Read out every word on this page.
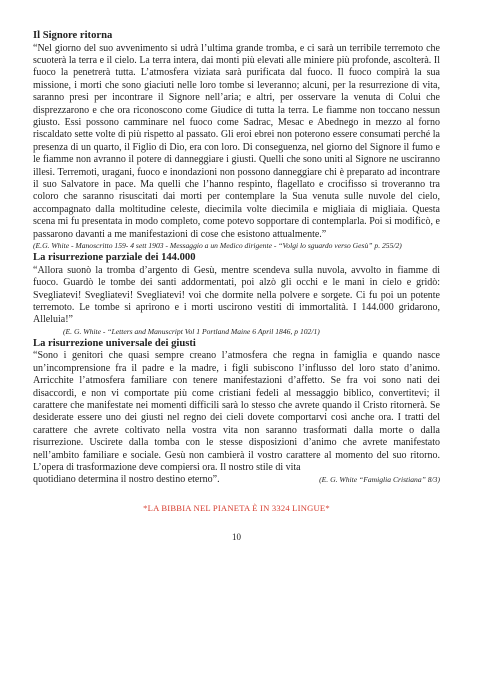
Il Signore ritorna

“Nel giorno del suo avvenimento si udrà l’ultima grande tromba, e ci sarà un terribile terremoto che scuoterà la terra e il cielo. La terra intera, dai monti più elevati alle miniere più profonde, ascolterà. Il fuoco la penetrerà tutta. L’atmosfera viziata sarà purificata dal fuoco. Il fuoco compirà la sua missione, i morti che sono giaciuti nelle loro tombe si leveranno; alcuni, per la resurrezione di vita, saranno presi per incontrare il Signore nell’aria; e altri, per osservare la venuta di Colui che disprezzarono e che ora riconoscono come Giudice di tutta la terra. Le fiamme non toccano nessun giusto. Essi possono camminare nel fuoco come Sadrac, Mesac e Abednego in mezzo al forno riscaldato sette volte di più rispetto al passato. Gli eroi ebrei non poterono essere consumati perché la presenza di un quarto, il Figlio di Dio, era con loro. Di conseguenza, nel giorno del Signore il fumo e le fiamme non avranno il potere di danneggiare i giusti. Quelli che sono uniti al Signore ne usciranno illesi. Terremoti, uragani, fuoco e inondazioni non possono danneggiare chi è preparato ad incontrare il suo Salvatore in pace. Ma quelli che l’hanno respinto, flagellato e crocifisso si troveranno tra coloro che saranno risuscitati dai morti per contemplare la Sua venuta sulle nuvole del cielo, accompagnato dalla moltitudine celeste, diecimila volte diecimila e migliaia di migliaia. Questa scena mi fu presentata in modo completo, come potevo sopportare di contemplarla. Poi si modificò, e passarono davanti a me manifestazioni di cose che esistono attualmente.”

(E.G. White - Manoscritto 159- 4 sett 1903 - Messaggio a un Medico dirigente - “Volgi lo sguardo verso Gesù” p. 255/2)

La risurrezione parziale dei 144.000

“Allora suonò la tromba d’argento di Gesù, mentre scendeva sulla nuvola, avvolto in fiamme di fuoco. Guardò le tombe dei santi addormentati, poi alzò gli occhi e le mani in cielo e gridò: Svegliatevi! Svegliatevi! Svegliatevi! voi che dormite nella polvere e sorgete. Ci fu poi un potente terremoto. Le tombe si aprirono e i morti uscirono vestiti di immortalità. I 144.000 gridarono, Alleluia!”

(E. G. White - “Letters and Manuscript Vol 1 Portland Maine 6 April 1846, p 102/1)

La risurrezione universale dei giusti

“Sono i genitori che quasi sempre creano l’atmosfera che regna in famiglia e quando nasce un’incomprensione fra il padre e la madre, i figli subiscono l’influsso del loro stato d’animo. Arricchite l’atmosfera familiare con tenere manifestazioni d’affetto. Se fra voi sono nati dei disaccordi, e non vi comportate più come cristiani fedeli al messaggio biblico, convertitevi; il carattere che manifestate nei momenti difficili sarà lo stesso che avrete quando il Cristo ritornerà. Se desiderate essere uno dei giusti nel regno dei cieli dovete comportarvi così anche ora. I tratti del carattere che avrete coltivato nella vostra vita non saranno trasformati dalla morte o dalla risurrezione. Uscirete dalla tomba con le stesse disposizioni d’animo che avrete manifestato nell’ambito familiare e sociale. Gesù non cambierà il vostro carattere al momento del suo ritorno. L’opera di trasformazione deve compiersi ora. Il nostro stile di vita

quotidiano determina il nostro destino eterno”.	(E. G. White “Famiglia Cristiana” 8/3)
*LA BIBBIA NEL PIANETA È IN 3324 LINGUE*
10
